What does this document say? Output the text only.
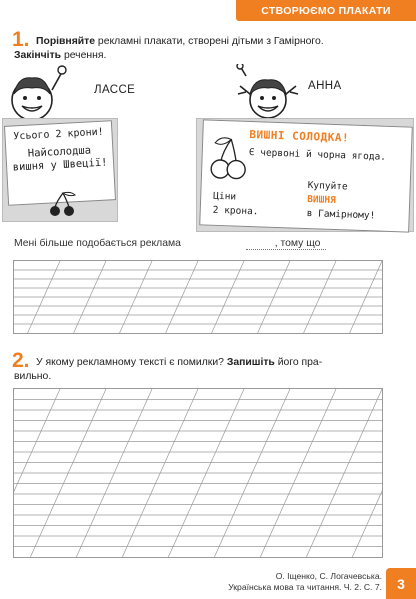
СТВОРЮЄМО ПЛАКАТИ
1. Порівняйте рекламні плакати, створені дітьми з Гамірного.
Закінчіть речення.
ЛАССЕ	АННА
Усього 2 крони!
Найсолодша
вишня у Швеції!
ВИШНІ СОЛОДКА!
Є червоні й чорна ягода.
Ціни
2 крона.
Купуйте
ВИШНЯ
в Гамірному!
Мені більше подобається реклама	, тому що
2. У якому рекламному тексті є помилки? Запишіть його пра-
вильно.
О. Іщенко, С. Логачевська.
Українська мова та читання. Ч. 2. С. 7.	3
